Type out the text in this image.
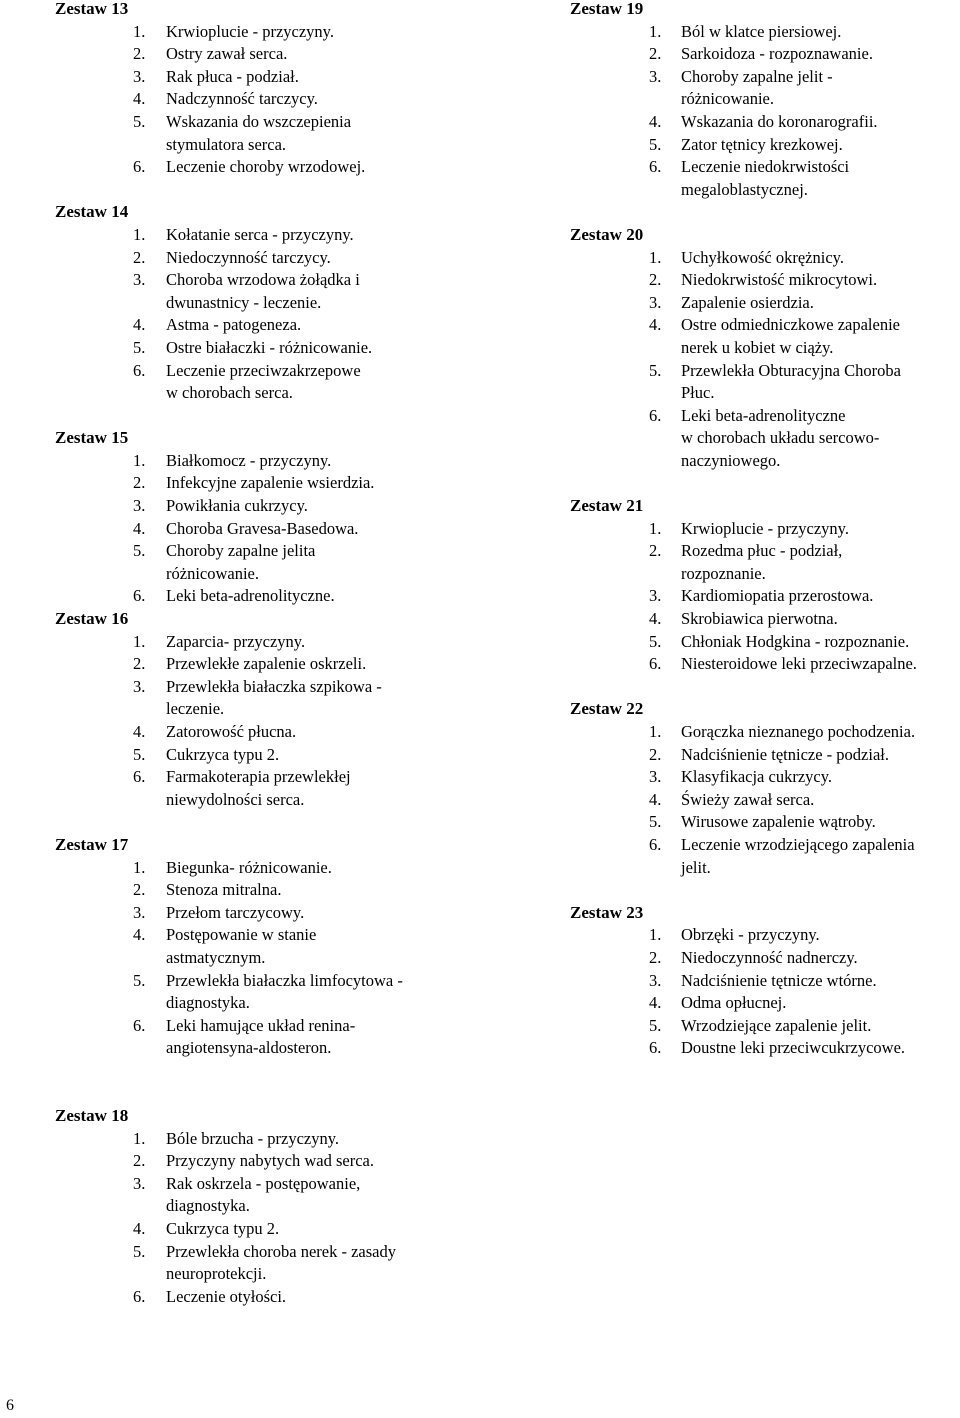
Zestaw 13
1. Krwioplucie - przyczyny.
2. Ostry zawał serca.
3. Rak płuca - podział.
4. Nadczynność tarczycy.
5. Wskazania do wszczepienia
stymulatora serca.
6. Leczenie choroby wrzodowej.
Zestaw 14
1. Kołatanie serca - przyczyny.
2. Niedoczynność tarczycy.
3. Choroba wrzodowa żołądka i
dwunastnicy - leczenie.
4. Astma - patogeneza.
5. Ostre białaczki - różnicowanie.
6. Leczenie przeciwzakrzepowe
w chorobach serca.
Zestaw 15
1. Białkomocz - przyczyny.
2. Infekcyjne zapalenie wsierdzia.
3. Powikłania cukrzycy.
4. Choroba Gravesa-Basedowa.
5. Choroby zapalne jelita
różnicowanie.
6. Leki beta-adrenolityczne.
Zestaw 16
1. Zaparcia- przyczyny.
2. Przewlekłe zapalenie oskrzeli.
3. Przewlekła białaczka szpikowa -
leczenie.
4. Zatorowość płucna.
5. Cukrzyca typu 2.
6. Farmakoterapia przewlekłej
niewydolności serca.
Zestaw 17
1. Biegunka- różnicowanie.
2. Stenoza mitralna.
3. Przełom tarczycowy.
4. Postępowanie w stanie
astmatycznym.
5. Przewlekła białaczka limfocytowa -
diagnostyka.
6. Leki hamujące układ renina-
angiotensyna-aldosteron.
Zestaw 18
1. Bóle brzucha - przyczyny.
2. Przyczyny nabytych wad serca.
3. Rak oskrzela - postępowanie,
diagnostyka.
4. Cukrzyca typu 2.
5. Przewlekła choroba nerek - zasady
neuroprotekcji.
6. Leczenie otyłości.
Zestaw 19
1. Ból w klatce piersiowej.
2. Sarkoidoza - rozpoznawanie.
3. Choroby zapalne jelit -
różnicowanie.
4. Wskazania do koronarografii.
5. Zator tętnicy krezkowej.
6. Leczenie niedokrwistości
megaloblastycznej.
Zestaw 20
1. Uchyłkowość okrężnicy.
2. Niedokrwistość mikrocytowi.
3. Zapalenie osierdzia.
4. Ostre odmiedniczkowe zapalenie
nerek u kobiet w ciąży.
5. Przewlekła Obturacyjna Choroba
Płuc.
6. Leki beta-adrenolityczne
w chorobach układu sercowo-
naczyniowego.
Zestaw 21
1. Krwioplucie - przyczyny.
2. Rozedma płuc - podział,
rozpoznanie.
3. Kardiomiopatia przerostowa.
4. Skrobiawica pierwotna.
5. Chłoniak Hodgkina - rozpoznanie.
6. Niesteroidowe leki przeciwzapalne.
Zestaw 22
1. Gorączka nieznanego pochodzenia.
2. Nadciśnienie tętnicze - podział.
3. Klasyfikacja cukrzycy.
4. Świeży zawał serca.
5. Wirusowe zapalenie wątroby.
6. Leczenie wrzodziejącego zapalenia
jelit.
Zestaw 23
1. Obrzęki - przyczyny.
2. Niedoczynność nadnerczy.
3. Nadciśnienie tętnicze wtórne.
4. Odma opłucnej.
5. Wrzodziejące zapalenie jelit.
6. Doustne leki przeciwcukrzycowe.
6
